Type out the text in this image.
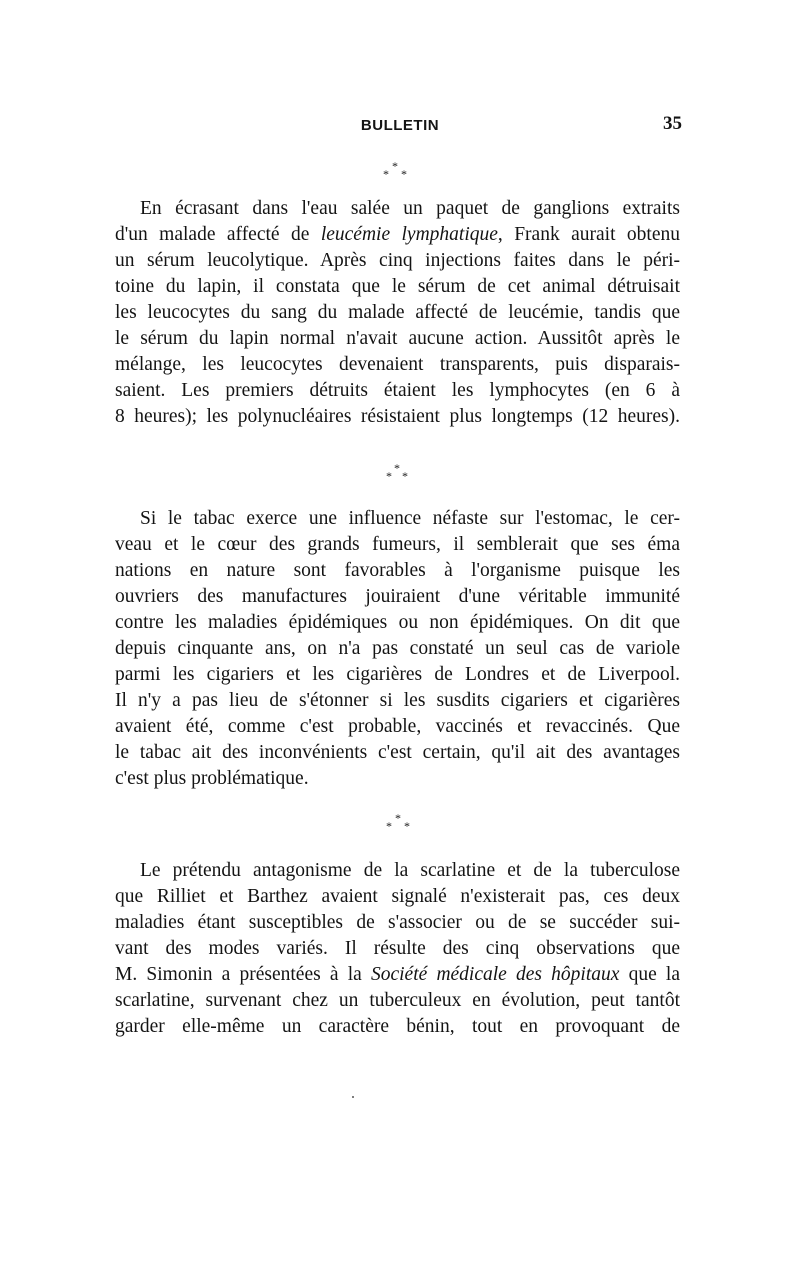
BULLETIN	35
*
* *
En écrasant dans l'eau salée un paquet de ganglions extraits
d'un malade affecté de leucémie lymphatique, Frank aurait obtenu
un sérum leucolytique. Après cinq injections faites dans le péri-
toine du lapin, il constata que le sérum de cet animal détruisait
les leucocytes du sang du malade affecté de leucémie, tandis que
le sérum du lapin normal n'avait aucune action. Aussitôt après le
mélange, les leucocytes devenaient transparents, puis disparais-
saient. Les premiers détruits étaient les lymphocytes (en 6 à
8 heures); les polynucléaires résistaient plus longtemps (12 heures).
*
* *
Si le tabac exerce une influence néfaste sur l'estomac, le cer-
veau et le cœur des grands fumeurs, il semblerait que ses éma
nations en nature sont favorables à l'organisme puisque les
ouvriers des manufactures jouiraient d'une véritable immunité
contre les maladies épidémiques ou non épidémiques. On dit que
depuis cinquante ans, on n'a pas constaté un seul cas de variole
parmi les cigariers et les cigarières de Londres et de Liverpool.
Il n'y a pas lieu de s'étonner si les susdits cigariers et cigarières
avaient été, comme c'est probable, vaccinés et revaccinés. Que
le tabac ait des inconvénients c'est certain, qu'il ait des avantages
c'est plus problématique.
*
* *
Le prétendu antagonisme de la scarlatine et de la tuberculose
que Rilliet et Barthez avaient signalé n'existerait pas, ces deux
maladies étant susceptibles de s'associer ou de se succéder sui-
vant des modes variés. Il résulte des cinq observations que
M. Simonin a présentées à la Société médicale des hôpitaux que la
scarlatine, survenant chez un tuberculeux en évolution, peut tantôt
garder elle-même un caractère bénin, tout en provoquant de
